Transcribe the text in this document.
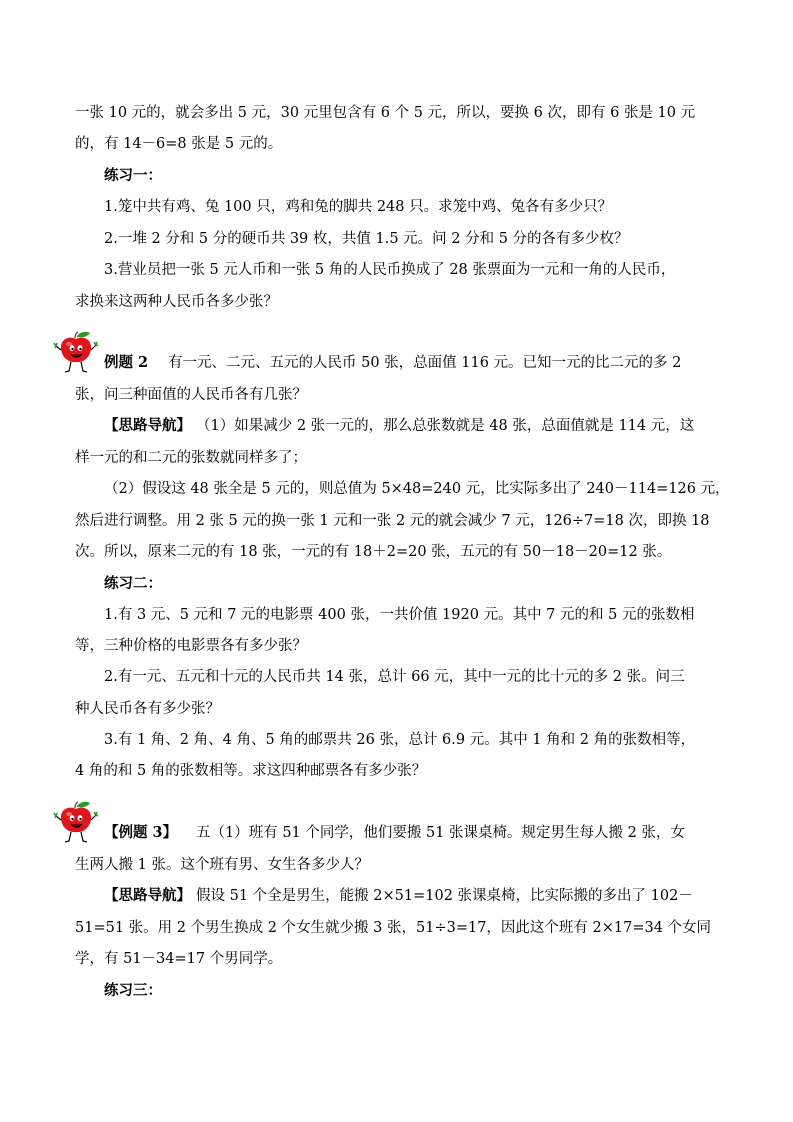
一张 10 元的，就会多出 5 元，30 元里包含有 6 个 5 元，所以，要换 6 次，即有 6 张是 10 元
的，有 14－6=8 张是 5 元的。
练习一：
1.笼中共有鸡、兔 100 只，鸡和兔的脚共 248 只。求笼中鸡、兔各有多少只？
2.一堆 2 分和 5 分的硬币共 39 枚，共值 1.5 元。问 2 分和 5 分的各有多少枚？
3.营业员把一张 5 元人币和一张 5 角的人民币换成了 28 张票面为一元和一角的人民币，
求换来这两种人民币各多少张？
例题 2 有一元、二元、五元的人民币 50 张，总面值 116 元。已知一元的比二元的多 2
张，问三种面值的人民币各有几张？
【思路导航】 （1）如果减少 2 张一元的，那么总张数就是 48 张，总面值就是 114 元，这
样一元的和二元的张数就同样多了；
（2）假设这 48 张全是 5 元的，则总值为 5×48=240 元，比实际多出了 240－114=126 元，
然后进行调整。用 2 张 5 元的换一张 1 元和一张 2 元的就会减少 7 元，126÷7=18 次，即换 18
次。所以，原来二元的有 18 张，一元的有 18＋2=20 张，五元的有 50－18－20=12 张。
练习二：
1.有 3 元、5 元和 7 元的电影票 400 张，一共价值 1920 元。其中 7 元的和 5 元的张数相
等，三种价格的电影票各有多少张？
2.有一元、五元和十元的人民币共 14 张，总计 66 元，其中一元的比十元的多 2 张。问三
种人民币各有多少张？
3.有 1 角、2 角、4 角、5 角的邮票共 26 张，总计 6.9 元。其中 1 角和 2 角的张数相等，
4 角的和 5 角的张数相等。求这四种邮票各有多少张？
【例题 3】 五（1）班有 51 个同学，他们要搬 51 张课桌椅。规定男生每人搬 2 张，女
生两人搬 1 张。这个班有男、女生各多少人？
【思路导航】 假设 51 个全是男生，能搬 2×51=102 张课桌椅，比实际搬的多出了 102－
51=51 张。用 2 个男生换成 2 个女生就少搬 3 张，51÷3=17，因此这个班有 2×17=34 个女同
学，有 51－34=17 个男同学。
练习三：
